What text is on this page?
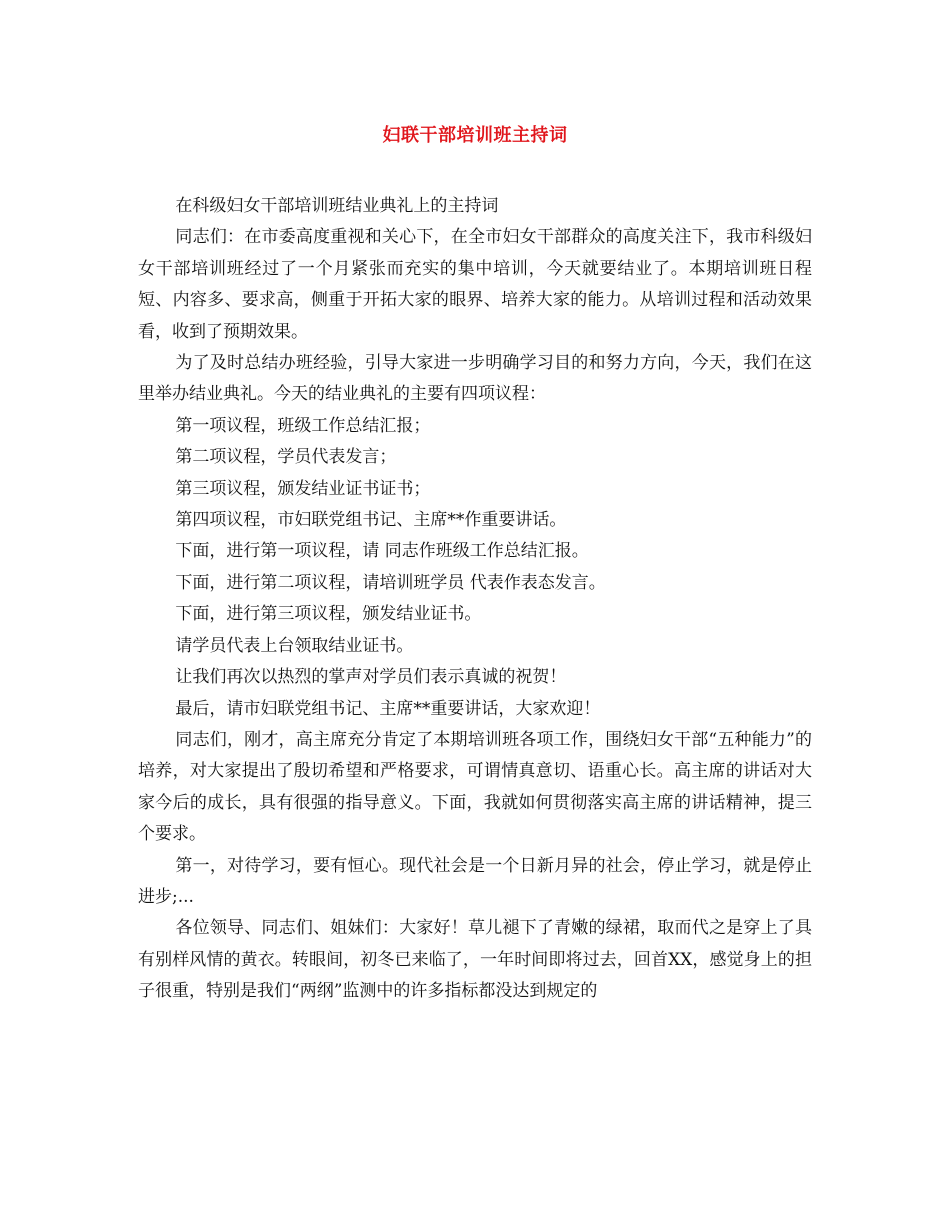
妇联干部培训班主持词

在科级妇女干部培训班结业典礼上的主持词

同志们：在市委高度重视和关心下，在全市妇女干部群众的高度关注下，我市科级妇女干部培训班经过了一个月紧张而充实的集中培训，今天就要结业了。本期培训班日程短、内容多、要求高，侧重于开拓大家的眼界、培养大家的能力。从培训过程和活动效果看，收到了预期效果。

为了及时总结办班经验，引导大家进一步明确学习目的和努力方向，今天，我们在这里举办结业典礼。今天的结业典礼的主要有四项议程：

第一项议程，班级工作总结汇报；

第二项议程，学员代表发言；

第三项议程，颁发结业证书证书；

第四项议程，市妇联党组书记、主席**作重要讲话。

下面，进行第一项议程，请 同志作班级工作总结汇报。

下面，进行第二项议程，请培训班学员 代表作表态发言。

下面，进行第三项议程，颁发结业证书。

请学员代表上台领取结业证书。

让我们再次以热烈的掌声对学员们表示真诚的祝贺！

最后，请市妇联党组书记、主席**重要讲话，大家欢迎！

同志们，刚才，高主席充分肯定了本期培训班各项工作，围绕妇女干部“五种能力”的培养，对大家提出了殷切希望和严格要求，可谓情真意切、语重心长。高主席的讲话对大家今后的成长，具有很强的指导意义。下面，我就如何贯彻落实高主席的讲话精神，提三个要求。

第一，对待学习，要有恒心。现代社会是一个日新月异的社会，停止学习，就是停止进步;...

各位领导、同志们、姐妹们：大家好！草儿褪下了青嫩的绿裙，取而代之是穿上了具有别样风情的黄衣。转眼间，初冬已来临了，一年时间即将过去，回首XX，感觉身上的担子很重，特别是我们“两纲”监测中的许多指标都没达到规定的
